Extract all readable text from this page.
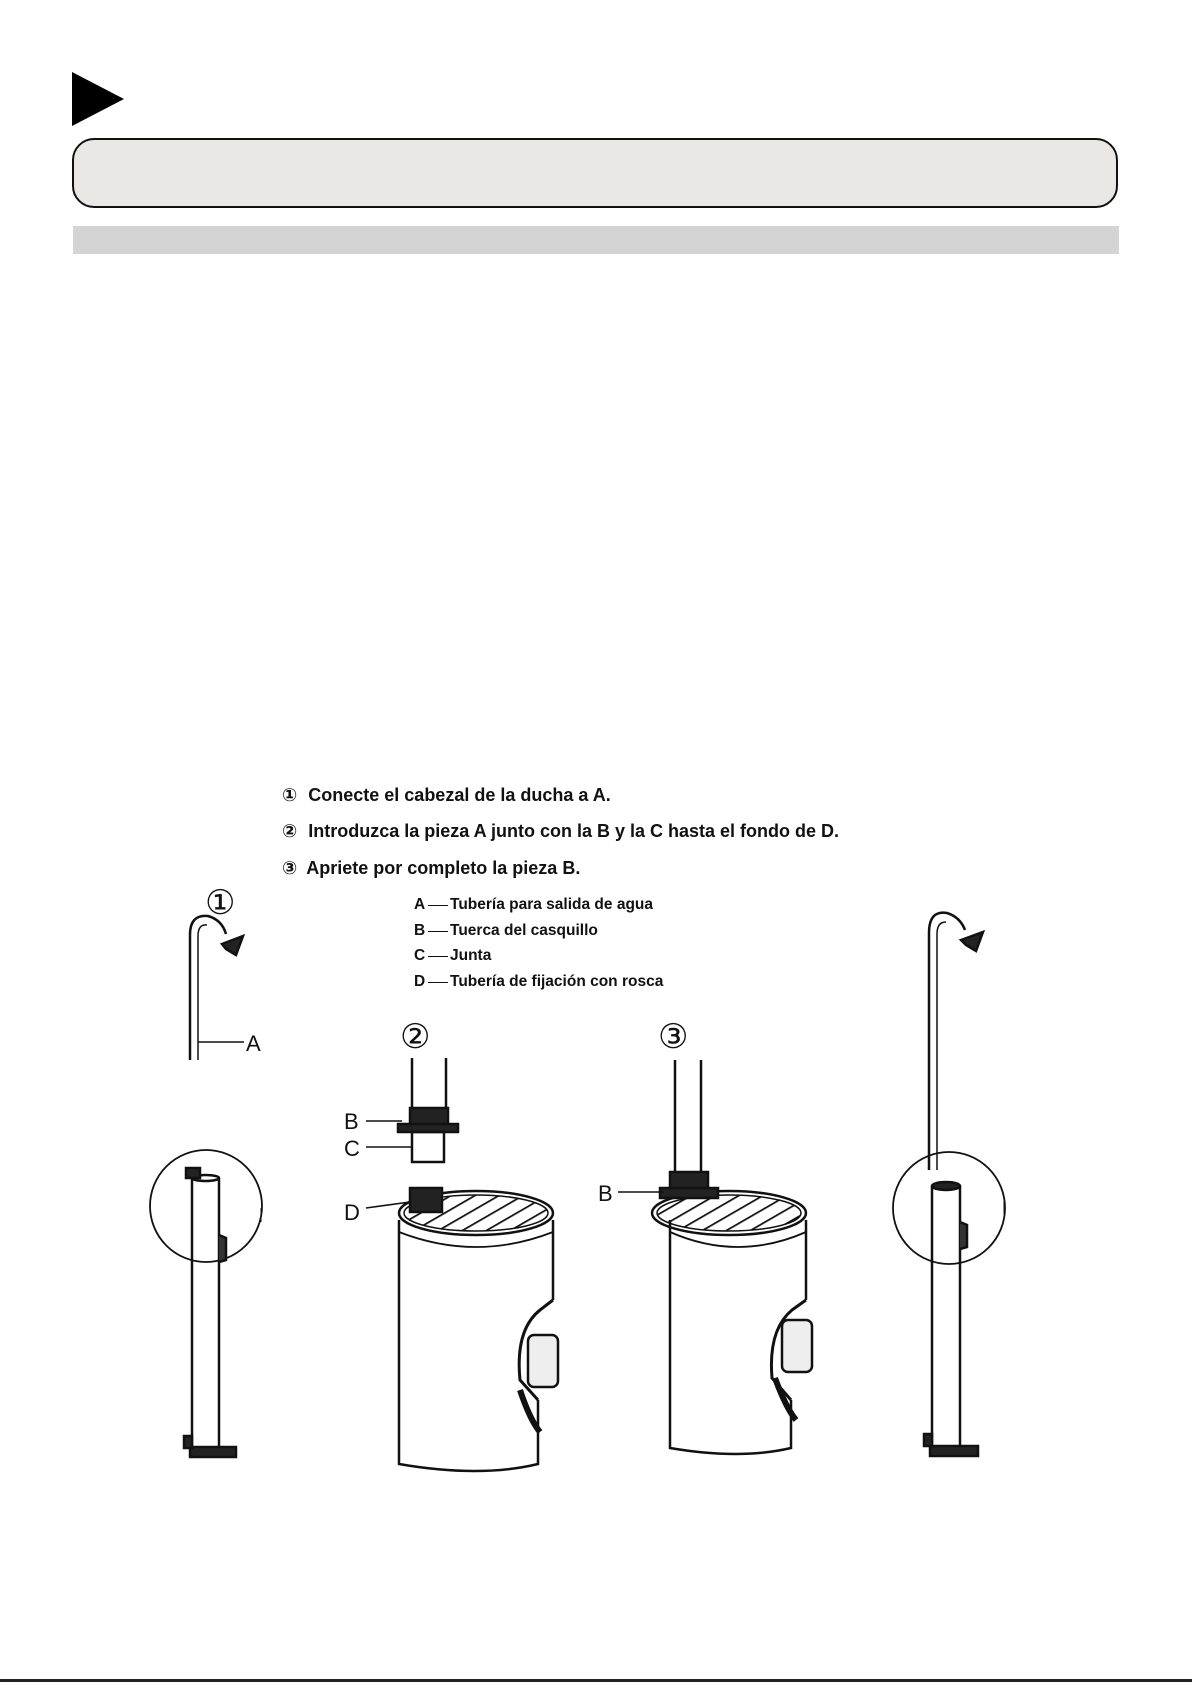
① Conecte el cabezal de la ducha a A.
② Introduzca la pieza A junto con la B y la C hasta el fondo de D.
③ Apriete por completo la pieza B.
A Tubería para salida de agua
B Tuerca del casquillo
C Junta
D Tubería de fijación con rosca
①
②	③
A
B
C
D
B
